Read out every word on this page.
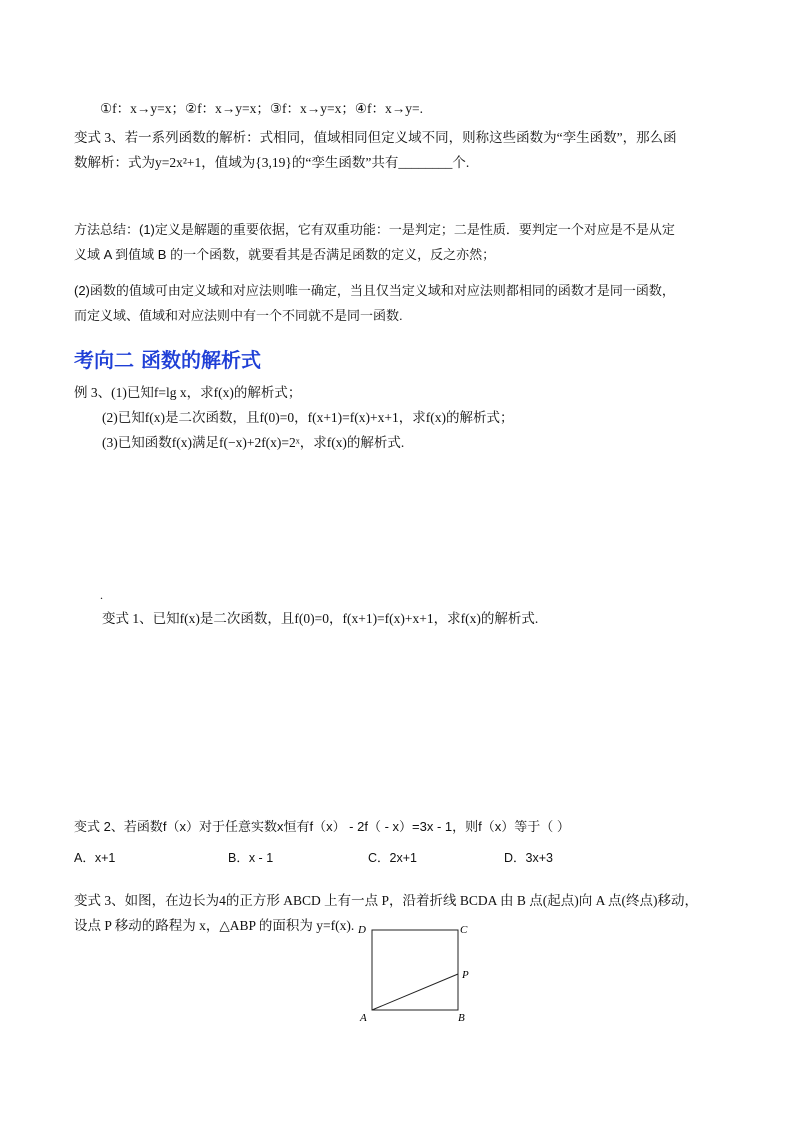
①f：x→y=x；②f：x→y=x；③f：x→y=x；④f：x→y=.
变式 3、若一系列函数的解析：式相同，值域相同但定义域不同，则称这些函数为“孪生函数”，那么函
数解析：式为y=2x²+1，值域为{3,19}的“孪生函数”共有________个.
方法总结：(1)定义是解题的重要依据，它有双重功能：一是判定；二是性质．要判定一个对应是不是从定
义域 A 到值域 B 的一个函数，就要看其是否满足函数的定义，反之亦然；
(2)函数的值域可由定义域和对应法则唯一确定，当且仅当定义域和对应法则都相同的函数才是同一函数，
而定义域、值域和对应法则中有一个不同就不是同一函数.
考向二 函数的解析式
例 3、(1)已知f=lg x，求f(x)的解析式；
(2)已知f(x)是二次函数，且f(0)=0，f(x+1)=f(x)+x+1，求f(x)的解析式；
(3)已知函数f(x)满足f(−x)+2f(x)=2ˣ，求f(x)的解析式.
.
变式 1、已知f(x)是二次函数，且f(0)=0，f(x+1)=f(x)+x+1，求f(x)的解析式.
变式 2、若函数f（x）对于任意实数x恒有f（x） - 2f（ - x）=3x - 1，则f（x）等于（ ）
A．x+1	B．x - 1	C．2x+1	D．3x+3
变式 3、如图，在边长为4的正方形 ABCD 上有一点 P，沿着折线 BCDA 由 B 点(起点)向 A 点(终点)移动，
设点 P 移动的路程为 x，△ABP 的面积为 y=f(x). D	C
P
A	B
